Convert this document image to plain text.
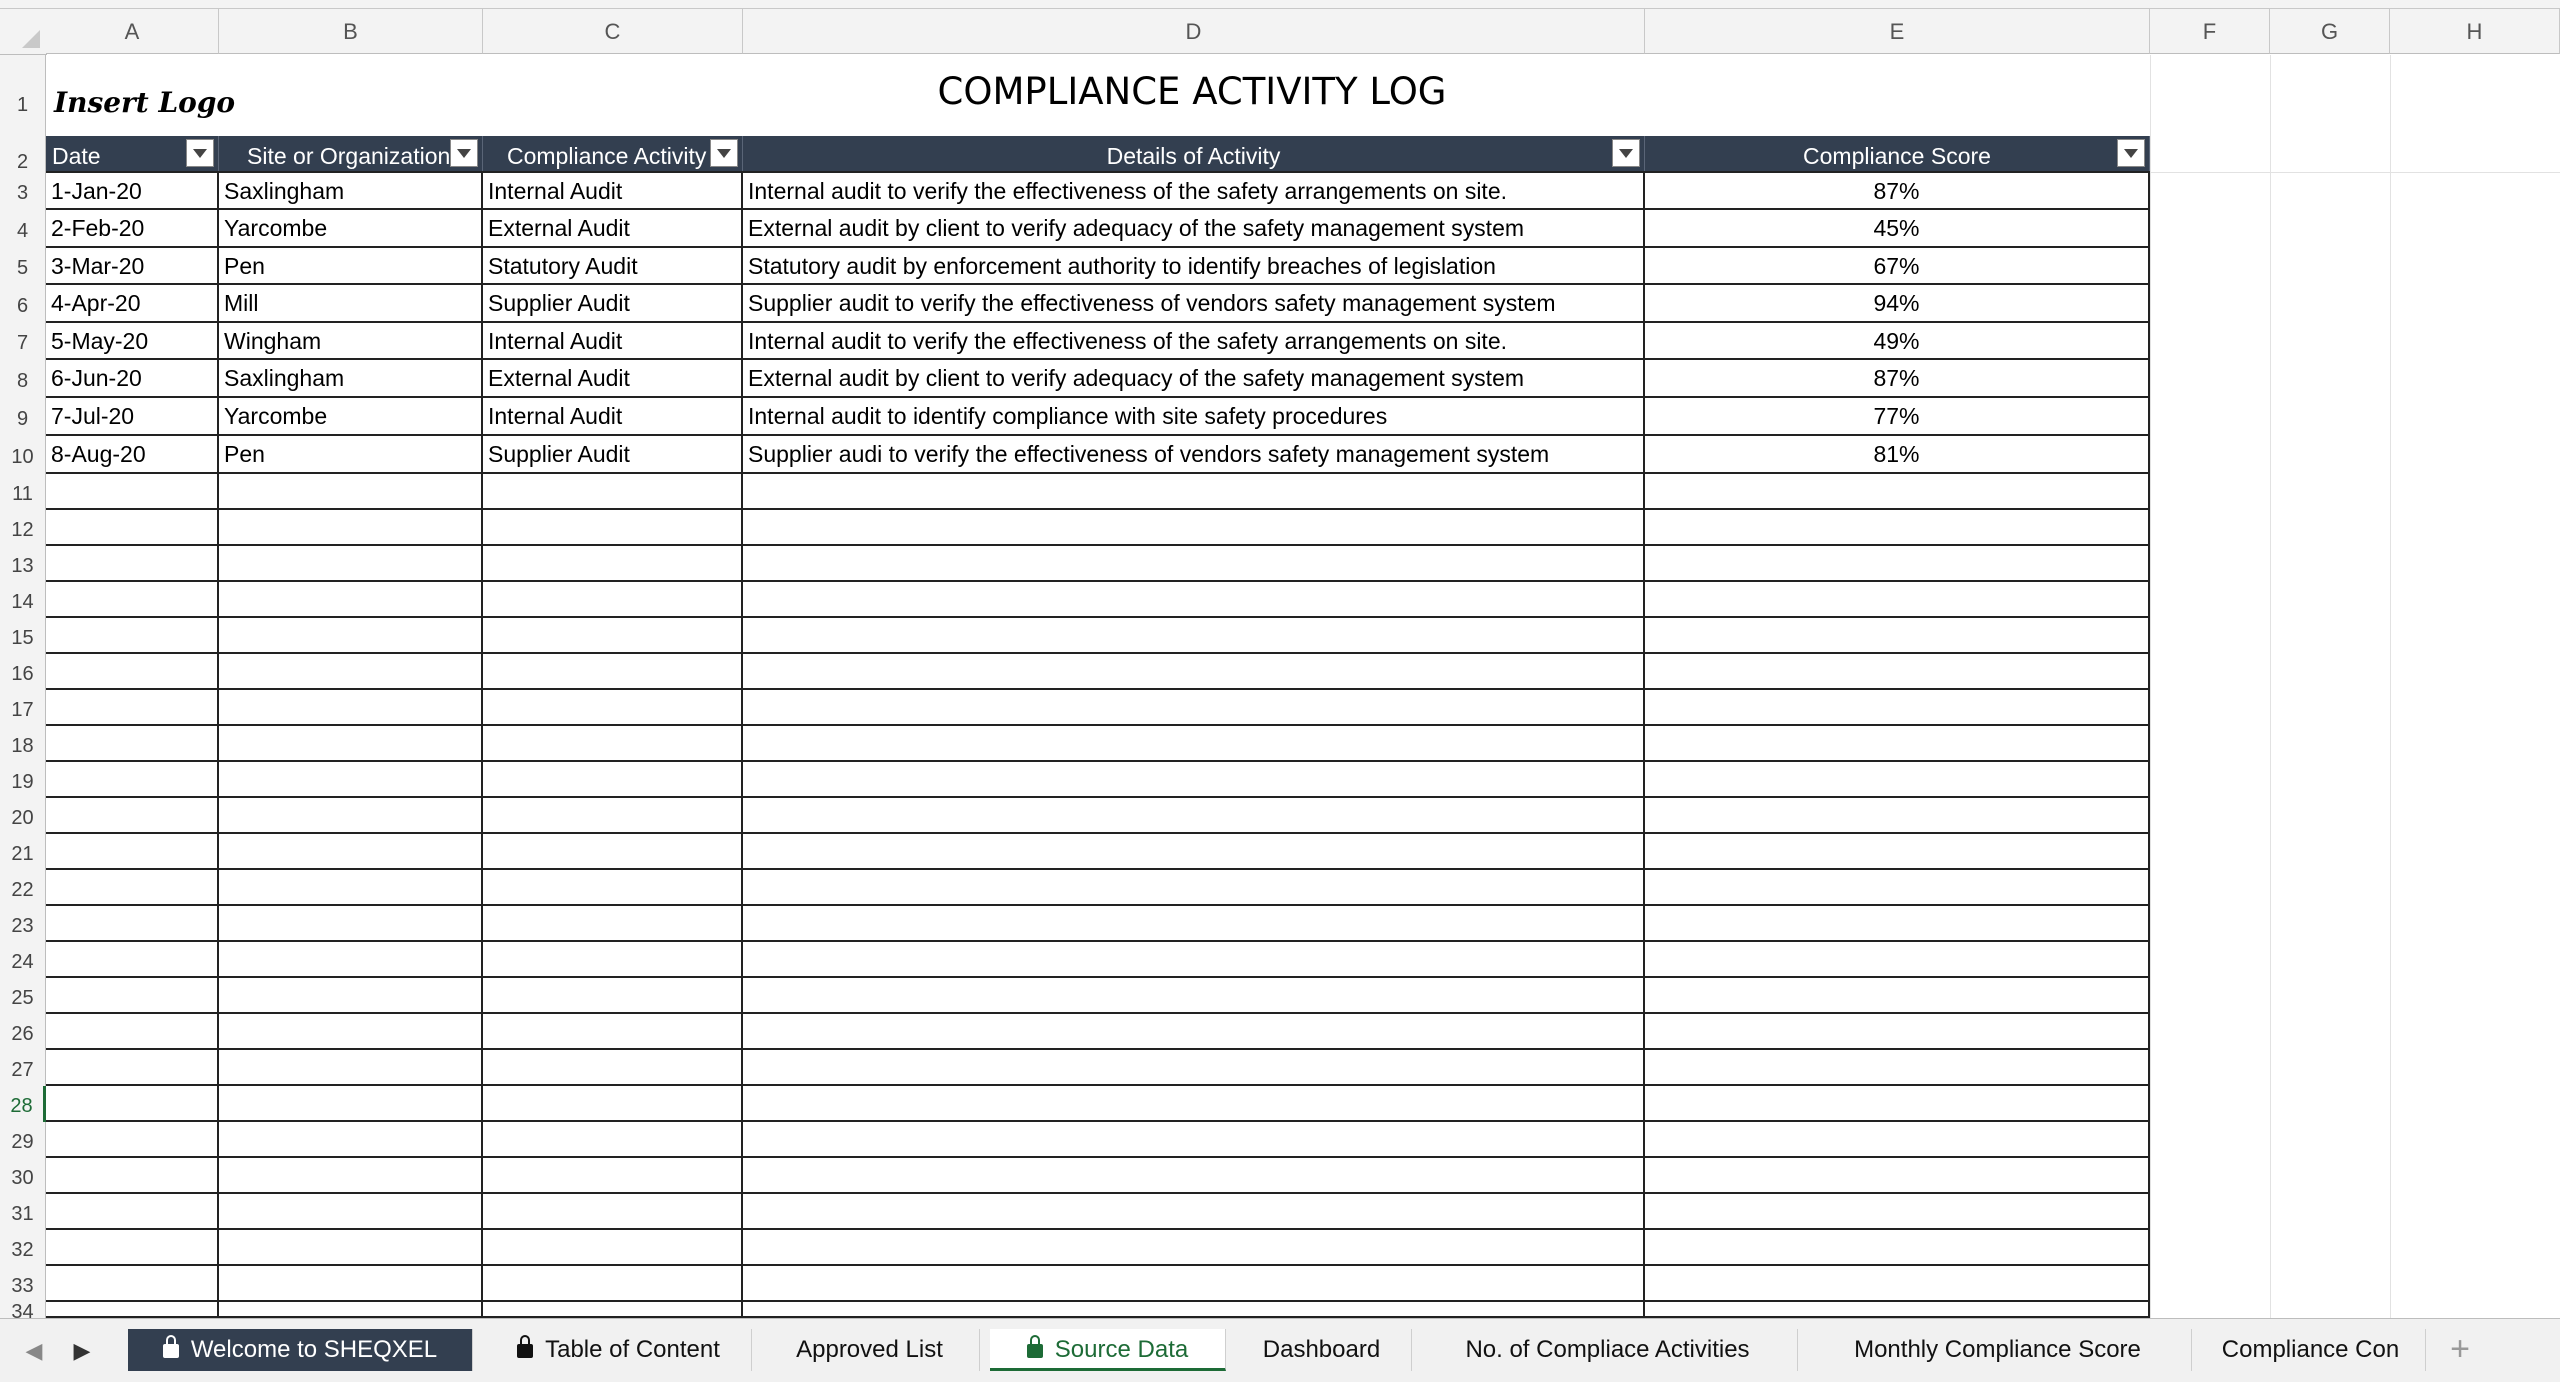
A	B	C	D	E	F	G	H
1
2
3
4
5
6
7
8
9
10
11
12
13
14
15
16
17
18
19
20
21
22
23
24
25
26
27
28
29
30
31
32
33
34
Insert Logo	COMPLIANCE ACTIVITY LOG
Date	Site or Organization	Compliance Activity	Details of Activity	Compliance Score
1-Jan-20	Saxlingham	Internal Audit	Internal audit to verify the effectiveness of the safety arrangements on site.	87%
2-Feb-20	Yarcombe	External Audit	External audit by client to verify adequacy of the safety management system	45%
3-Mar-20	Pen	Statutory Audit	Statutory audit by enforcement authority to identify breaches of legislation	67%
4-Apr-20	Mill	Supplier Audit	Supplier audit to verify the effectiveness of vendors safety management system	94%
5-May-20	Wingham	Internal Audit	Internal audit to verify the effectiveness of the safety arrangements on site.	49%
6-Jun-20	Saxlingham	External Audit	External audit by client to verify adequacy of the safety management system	87%
7-Jul-20	Yarcombe	Internal Audit	Internal audit to identify compliance with site safety procedures	77%
8-Aug-20	Pen	Supplier Audit	Supplier audi to verify the effectiveness of vendors safety management system	81%
◀ ▶	Welcome to SHEQXEL	Table of Content	Approved List	Source Data	Dashboard	No. of Compliace Activities	Monthly Compliance Score	Compliance Con	+
